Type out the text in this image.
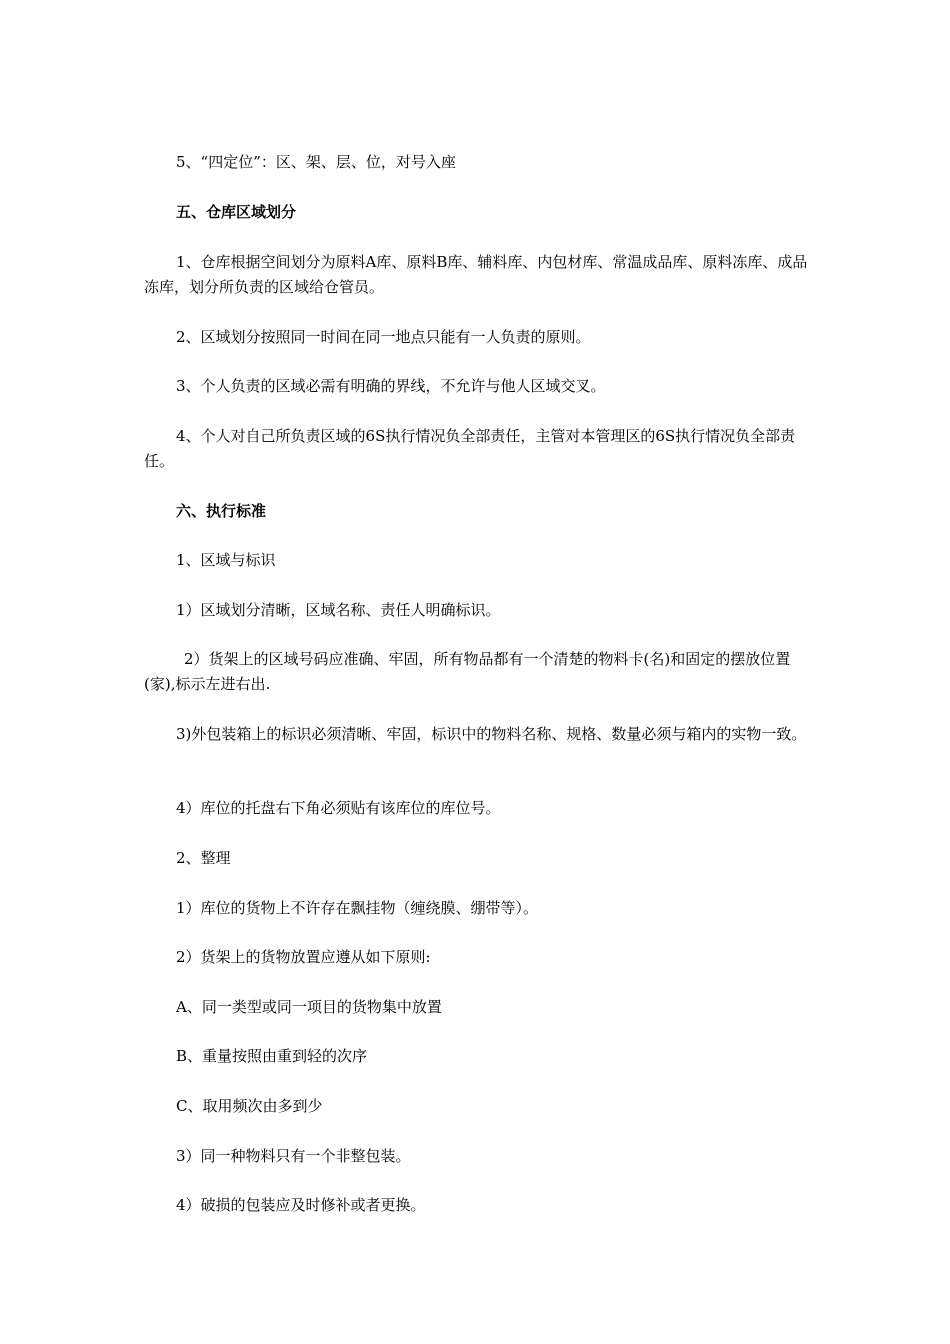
5、“四定位”：区、架、层、位，对号入座

五、仓库区域划分

1、仓库根据空间划分为原料A库、原料B库、辅料库、内包材库、常温成品库、原料冻库、成品冻库，划分所负责的区域给仓管员。

2、区域划分按照同一时间在同一地点只能有一人负责的原则。

3、个人负责的区域必需有明确的界线，不允许与他人区域交叉。

4、个人对自己所负责区域的6S执行情况负全部责任，主管对本管理区的6S执行情况负全部责任。

六、执行标准

1、区域与标识

1）区域划分清晰，区域名称、责任人明确标识。

2）货架上的区域号码应准确、牢固，所有物品都有一个清楚的物料卡(名)和固定的摆放位置(家),标示左进右出.

3)外包装箱上的标识必须清晰、牢固，标识中的物料名称、规格、数量必须与箱内的实物一致。

4）库位的托盘右下角必须贴有该库位的库位号。

2、整理

1）库位的货物上不许存在飘挂物（缠绕膜、绷带等）。

2）货架上的货物放置应遵从如下原则:

A、同一类型或同一项目的货物集中放置

B、重量按照由重到轻的次序

C、取用频次由多到少

3）同一种物料只有一个非整包装。

4）破损的包装应及时修补或者更换。
